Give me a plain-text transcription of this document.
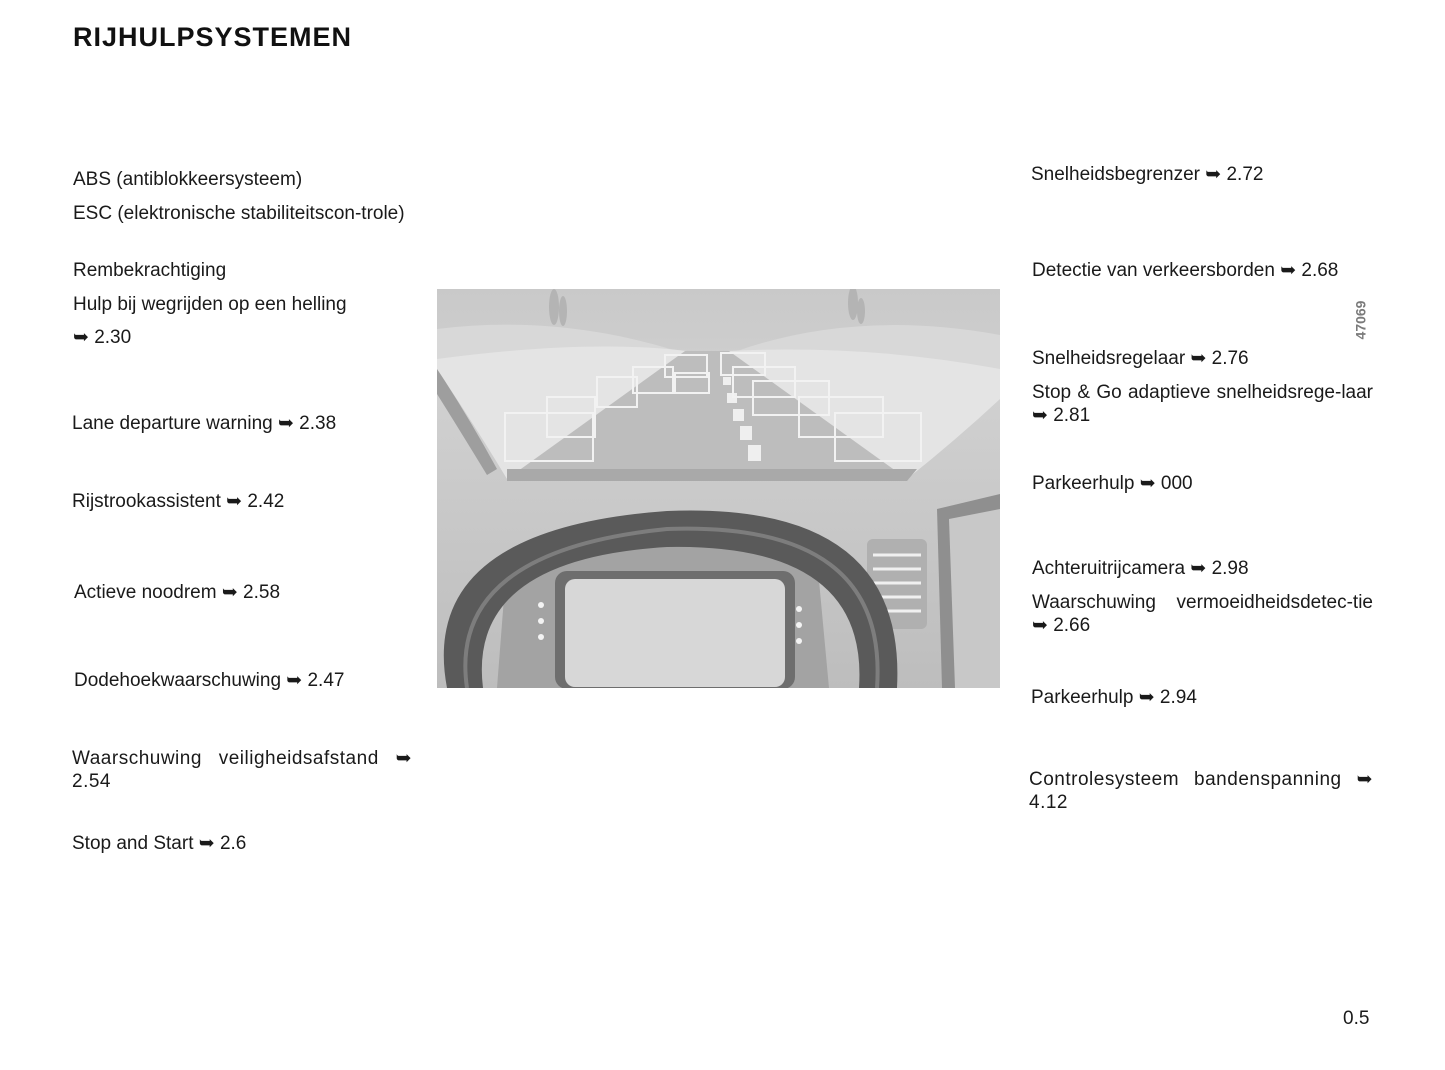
RIJHULPSYSTEMEN
ABS (antiblokkeersysteem)
ESC (elektronische stabiliteitscon-trole)
Rembekrachtiging
Hulp bij wegrijden op een helling
➥ 2.30
Lane departure warning ➥ 2.38
Rijstrookassistent ➥ 2.42
Actieve noodrem ➥ 2.58
Dodehoekwaarschuwing ➥ 2.47
Waarschuwing veiligheidsafstand ➥ 2.54
Stop and Start ➥ 2.6
47069
Snelheidsbegrenzer ➥ 2.72
Detectie van verkeersborden ➥ 2.68
Snelheidsregelaar ➥ 2.76
Stop & Go adaptieve snelheidsrege-laar ➥ 2.81
Parkeerhulp ➥ 000
Achteruitrijcamera ➥ 2.98
Waarschuwing vermoeidheidsdetec-tie ➥ 2.66
Parkeerhulp ➥ 2.94
Controlesysteem bandenspanning ➥ 4.12
0.5
